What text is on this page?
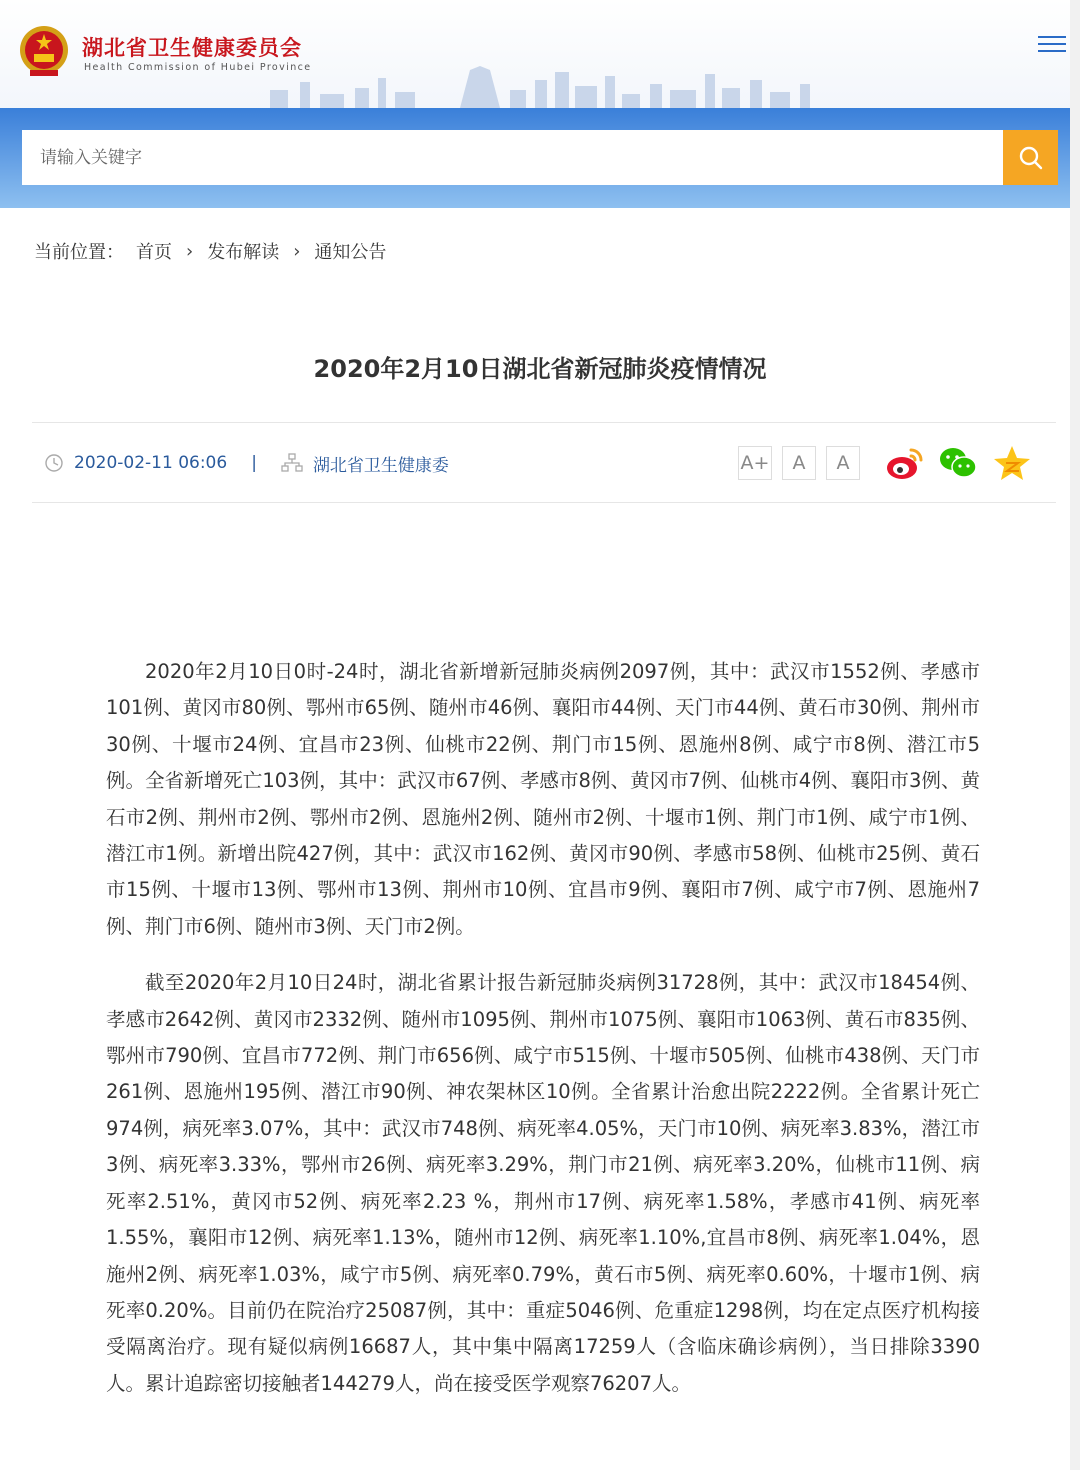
湖北省卫生健康委员会
Health Commission of Hubei Province
请输入关键字
当前位置： 首页 › 发布解读 › 通知公告
2020年2月10日湖北省新冠肺炎疫情情况
2020-02-11 06:06 |	湖北省卫生健康委	A+	A	A

2020年2月10日0时-24时，湖北省新增新冠肺炎病例2097例，其中：武汉市1552例、孝感市101例、黄冈市80例、鄂州市65例、随州市46例、襄阳市44例、天门市44例、黄石市30例、荆州市30例、十堰市24例、宜昌市23例、仙桃市22例、荆门市15例、恩施州8例、咸宁市8例、潜江市5例。全省新增死亡103例，其中：武汉市67例、孝感市8例、黄冈市7例、仙桃市4例、襄阳市3例、黄石市2例、荆州市2例、鄂州市2例、恩施州2例、随州市2例、十堰市1例、荆门市1例、咸宁市1例、潜江市1例。新增出院427例，其中：武汉市162例、黄冈市90例、孝感市58例、仙桃市25例、黄石市15例、十堰市13例、鄂州市13例、荆州市10例、宜昌市9例、襄阳市7例、咸宁市7例、恩施州7例、荆门市6例、随州市3例、天门市2例。

截至2020年2月10日24时，湖北省累计报告新冠肺炎病例31728例，其中：武汉市18454例、孝感市2642例、黄冈市2332例、随州市1095例、荆州市1075例、襄阳市1063例、黄石市835例、鄂州市790例、宜昌市772例、荆门市656例、咸宁市515例、十堰市505例、仙桃市438例、天门市261例、恩施州195例、潜江市90例、神农架林区10例。全省累计治愈出院2222例。全省累计死亡974例，病死率3.07%，其中：武汉市748例、病死率4.05%，天门市10例、病死率3.83%，潜江市3例、病死率3.33%，鄂州市26例、病死率3.29%，荆门市21例、病死率3.20%，仙桃市11例、病死率2.51%，黄冈市52例、病死率2.23 %，荆州市17例、病死率1.58%，孝感市41例、病死率1.55%，襄阳市12例、病死率1.13%，随州市12例、病死率1.10%,宜昌市8例、病死率1.04%，恩施州2例、病死率1.03%，咸宁市5例、病死率0.79%，黄石市5例、病死率0.60%，十堰市1例、病死率0.20%。目前仍在院治疗25087例，其中：重症5046例、危重症1298例，均在定点医疗机构接受隔离治疗。现有疑似病例16687人，其中集中隔离17259人（含临床确诊病例），当日排除3390人。累计追踪密切接触者144279人，尚在接受医学观察76207人。
